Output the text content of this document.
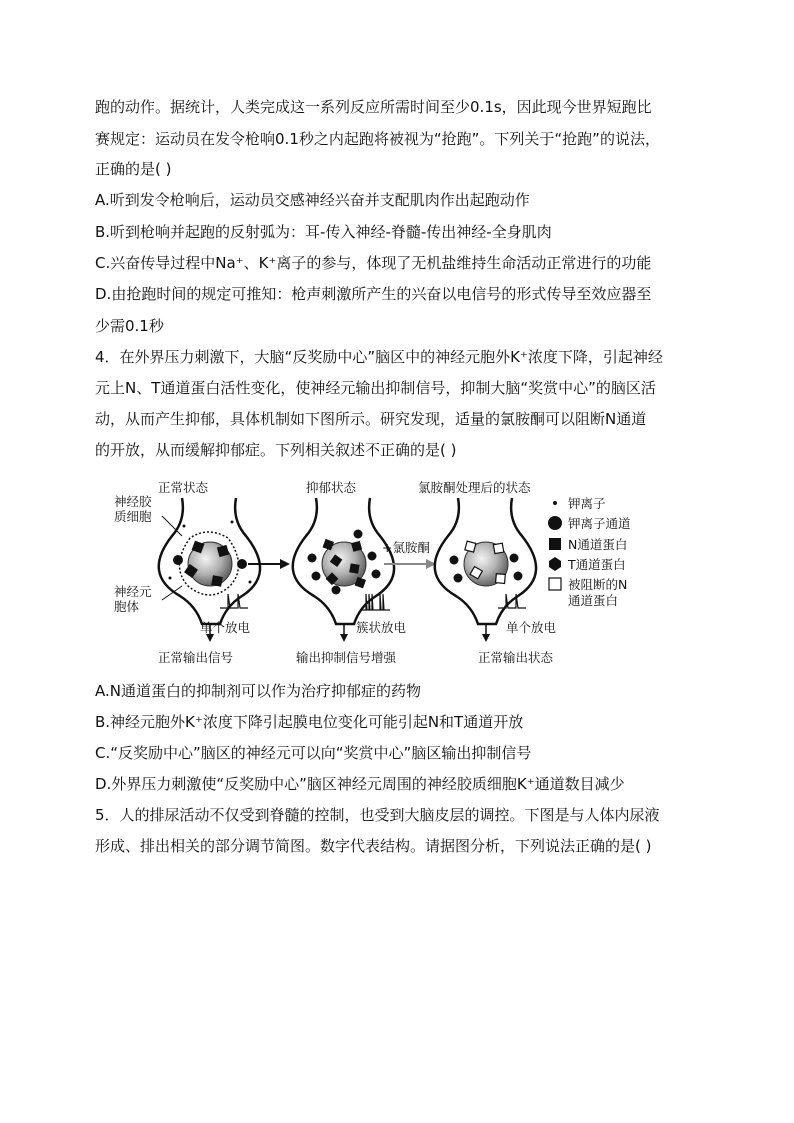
跑的动作。据统计，人类完成这一系列反应所需时间至少0.1s，因此现今世界短跑比
赛规定：运动员在发令枪响0.1秒之内起跑将被视为“抢跑”。下列关于“抢跑”的说法，
正确的是( )
A.听到发令枪响后，运动员交感神经兴奋并支配肌肉作出起跑动作
B.听到枪响并起跑的反射弧为：耳-传入神经-脊髓-传出神经-全身肌肉
C.兴奋传导过程中Na⁺、K⁺离子的参与，体现了无机盐维持生命活动正常进行的功能
D.由抢跑时间的规定可推知：枪声刺激所产生的兴奋以电信号的形式传导至效应器至
少需0.1秒
4．在外界压力刺激下，大脑“反奖励中心”脑区中的神经元胞外K⁺浓度下降，引起神经
元上N、T通道蛋白活性变化，使神经元输出抑制信号，抑制大脑“奖赏中心”的脑区活
动，从而产生抑郁，具体机制如下图所示。研究发现，适量的氯胺酮可以阻断N通道
的开放，从而缓解抑郁症。下列相关叙述不正确的是( )
正常状态	抑郁状态	氯胺酮处理后的状态
神经胶
质细胞
神经元
胞体
单个放电
正常输出信号
簇状放电
输出抑制信号增强
+氯胺酮
单个放电
正常输出状态
钾离子
钾离子通道
N通道蛋白
T通道蛋白
被阻断的N
通道蛋白
A.N通道蛋白的抑制剂可以作为治疗抑郁症的药物
B.神经元胞外K⁺浓度下降引起膜电位变化可能引起N和T通道开放
C.“反奖励中心”脑区的神经元可以向“奖赏中心”脑区输出抑制信号
D.外界压力刺激使“反奖励中心”脑区神经元周围的神经胶质细胞K⁺通道数目减少
5．人的排尿活动不仅受到脊髓的控制，也受到大脑皮层的调控。下图是与人体内尿液
形成、排出相关的部分调节简图。数字代表结构。请据图分析，下列说法正确的是( )
